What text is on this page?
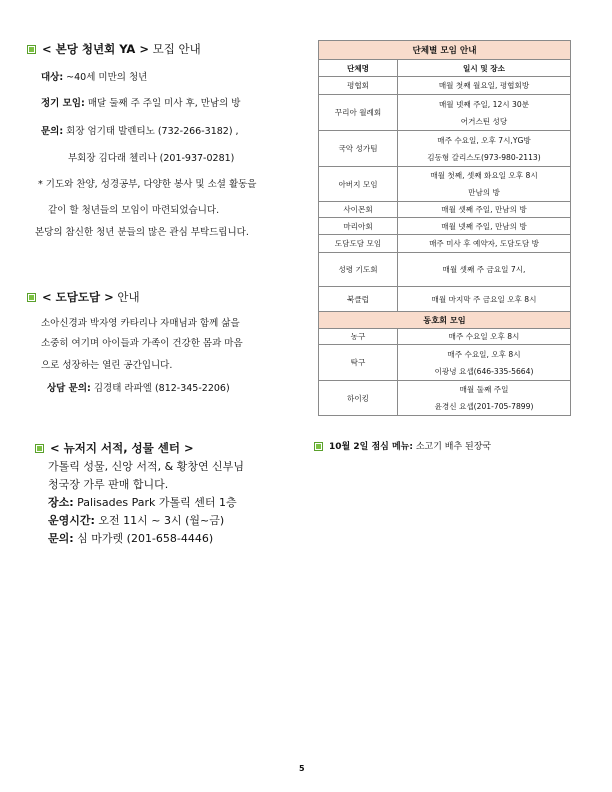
< 본당 청년회 YA > 모집 안내
대상: ~40세 미만의 청년
정기 모임: 매달 둘째 주 주일 미사 후, 만남의 방
문의: 회장 엄기태 발렌티노 (732-266-3182) ,
부회장 김다래 첼리나 (201-937-0281)
* 기도와 찬양, 성경공부, 다양한 봉사 및 소셜 활동을
같이 할 청년들의 모임이 마련되었습니다.
본당의 참신한 청년 분들의 많은 관심 부탁드립니다.
< 도담도담 > 안내
소아신경과 박자영 카타리나 자매님과 함께 삶을
소중히 여기며 아이들과 가족이 건강한 몸과 마음
으로 성장하는 열린 공간입니다.
상담 문의: 김경태 라파엘 (812-345-2206)
< 뉴저지 서적, 성물 센터 >
가톨릭 성물, 신앙 서적, & 황창연 신부님
청국장 가루 판매 합니다.
장소: Palisades Park 가톨릭 센터 1층
운영시간: 오전 11시 ~ 3시 (월~금)
문의: 심 마가렛 (201-658-4446)
10월 2일 점심 메뉴: 소고기 배추 된장국
단체별 모임 안내	
단체명	일시 및 장소
평협회	매월 첫째 월요일, 평협회방

꾸리아 월례회	매월 넷째 주일, 12시 30분
어거스틴 성당

국악 성가팀	매주 수요일, 오후 7시,YG방
김동형 갈리스도(973-980-2113)

아버지 모임	매월 첫째, 셋째 화요일 오후 8시
만남의 방

사이몬회	매월 셋째 주일, 만남의 방

마리아회	매월 넷째 주일, 만남의 방

도담도담 모임	매주 미사 후 예약자, 도담도담 방

성령 기도회	매월 셋째 주 금요일 7시,

북클럽	매월 마지막 주 금요일 오후 8시

동호회 모임	
농구	매주 수요일 오후 8시

탁구	매주 수요일, 오후 8시
이광녕 요셉(646-335-5664)

하이킹	매월 둘째 주일
윤경신 요셉(201-705-7899)
5
